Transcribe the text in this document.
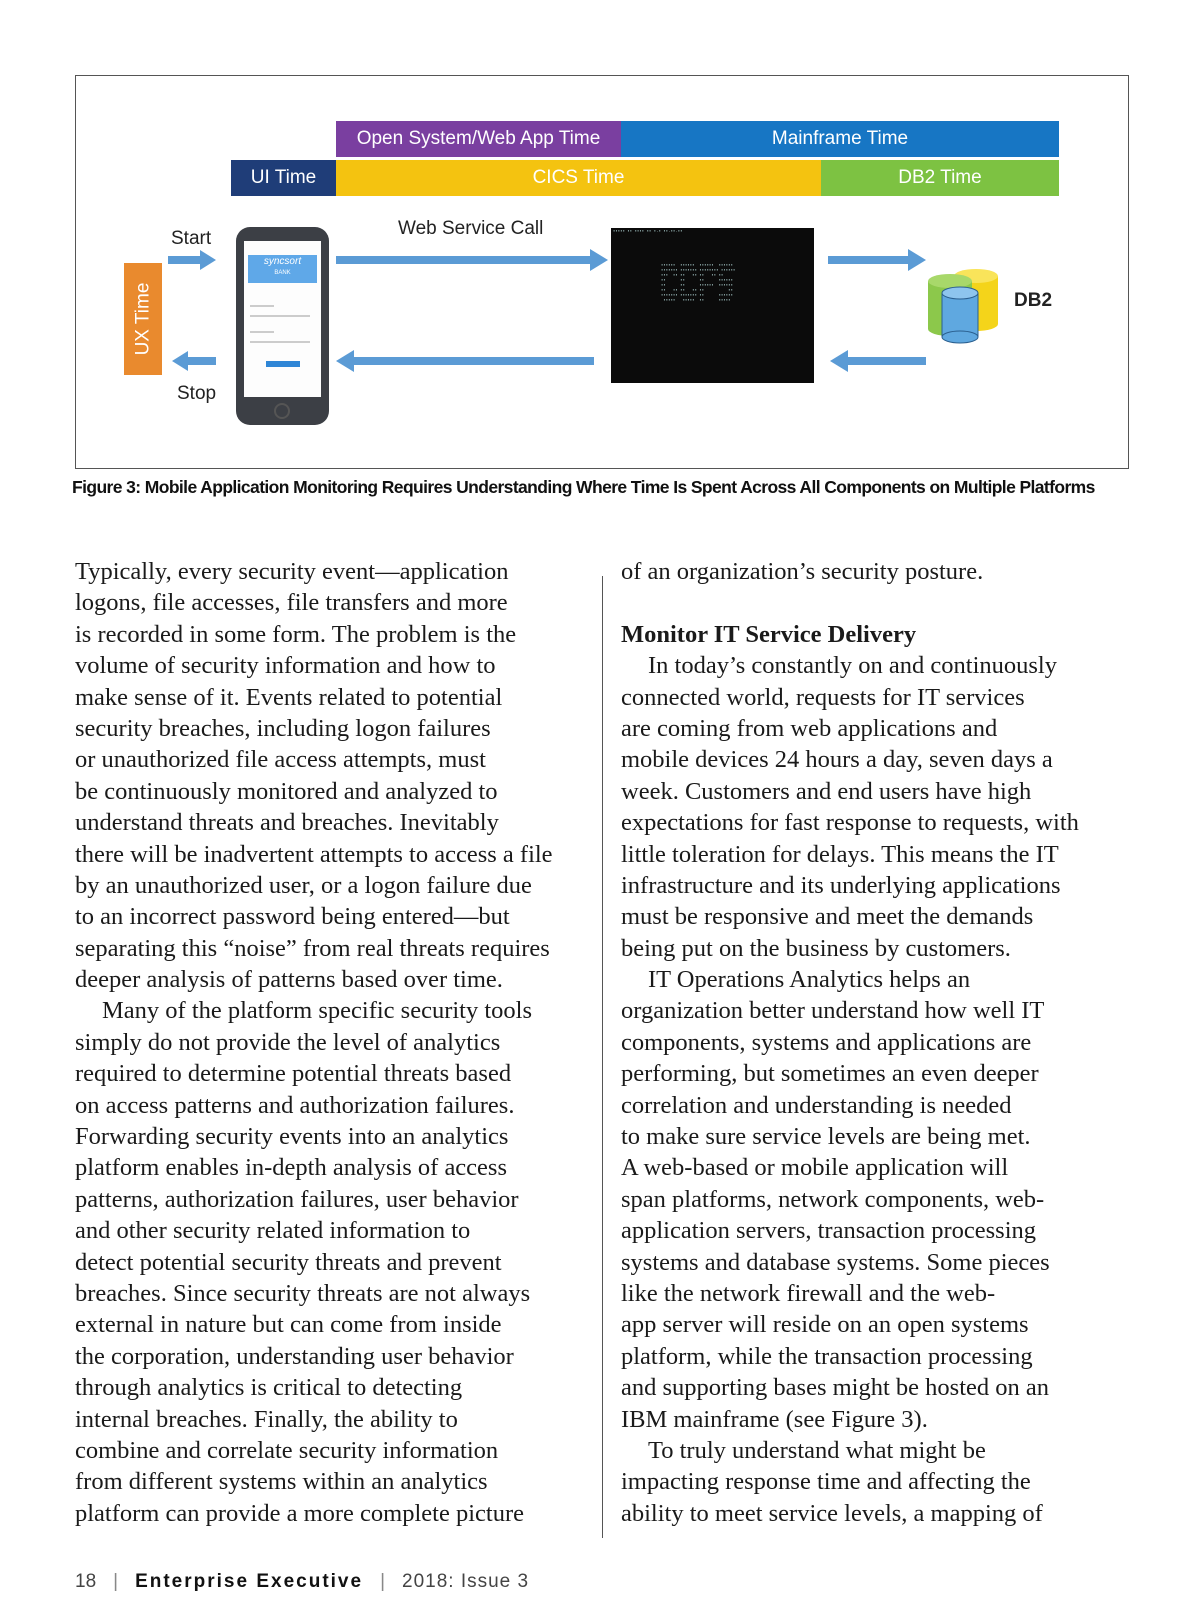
Open System/Web App Time	Mainframe Time
UI Time	CICS Time	DB2 Time
UX Time
Start
Stop
Web Service Call
DB2
syncsort
BANK
▪▪▪▪▪ ▪▪ ▪▪▪▪ ▪▪ ▪.▪ ▪▪.▪▪.▪▪
▪▪▪▪▪▪  ▪▪▪▪▪▪  ▪▪▪▪▪▪  ▪▪▪▪▪▪
▪▪▪▪▪▪▪ ▪▪▪▪▪▪▪ ▪▪▪▪▪▪▪▪ ▪▪▪▪▪▪
▪▪▪  ▪▪ ▪▪   ▪▪ ▪▪   ▪▪ ▪▪
▪▪      ▪▪      ▪▪      ▪▪▪▪▪▪
▪▪      ▪▪      ▪▪▪▪▪▪  ▪▪▪▪▪▪
▪▪   ▪▪ ▪▪   ▪▪ ▪▪          ▪▪
▪▪▪▪▪▪▪ ▪▪▪▪▪▪▪ ▪▪      ▪▪▪▪▪▪
▪▪▪▪▪   ▪▪▪▪▪  ▪▪      ▪▪▪▪▪
Figure 3: Mobile Application Monitoring Requires Understanding Where Time Is Spent Across All Components on Multiple Platforms
Typically, every security event—application
logons, file accesses, file transfers and more
is recorded in some form. The problem is the
volume of security information and how to
make sense of it. Events related to potential
security breaches, including logon failures
or unauthorized file access attempts, must
be continuously monitored and analyzed to
understand threats and breaches. Inevitably
there will be inadvertent attempts to access a file
by an unauthorized user, or a logon failure due
to an incorrect password being entered—but
separating this “noise” from real threats requires
deeper analysis of patterns based over time.
Many of the platform specific security tools
simply do not provide the level of analytics
required to determine potential threats based
on access patterns and authorization failures.
Forwarding security events into an analytics
platform enables in-depth analysis of access
patterns, authorization failures, user behavior
and other security related information to
detect potential security threats and prevent
breaches. Since security threats are not always
external in nature but can come from inside
the corporation, understanding user behavior
through analytics is critical to detecting
internal breaches. Finally, the ability to
combine and correlate security information
from different systems within an analytics
platform can provide a more complete picture
of an organization’s security posture.
Monitor IT Service Delivery
In today’s constantly on and continuously
connected world, requests for IT services
are coming from web applications and
mobile devices 24 hours a day, seven days a
week. Customers and end users have high
expectations for fast response to requests, with
little toleration for delays. This means the IT
infrastructure and its underlying applications
must be responsive and meet the demands
being put on the business by customers.
IT Operations Analytics helps an
organization better understand how well IT
components, systems and applications are
performing, but sometimes an even deeper
correlation and understanding is needed
to make sure service levels are being met.
A web-based or mobile application will
span platforms, network components, web-
application servers, transaction processing
systems and database systems. Some pieces
like the network firewall and the web-
app server will reside on an open systems
platform, while the transaction processing
and supporting bases might be hosted on an
IBM mainframe (see Figure 3).
To truly understand what might be
impacting response time and affecting the
ability to meet service levels, a mapping of
18 | Enterprise Executive | 2018: Issue 3
